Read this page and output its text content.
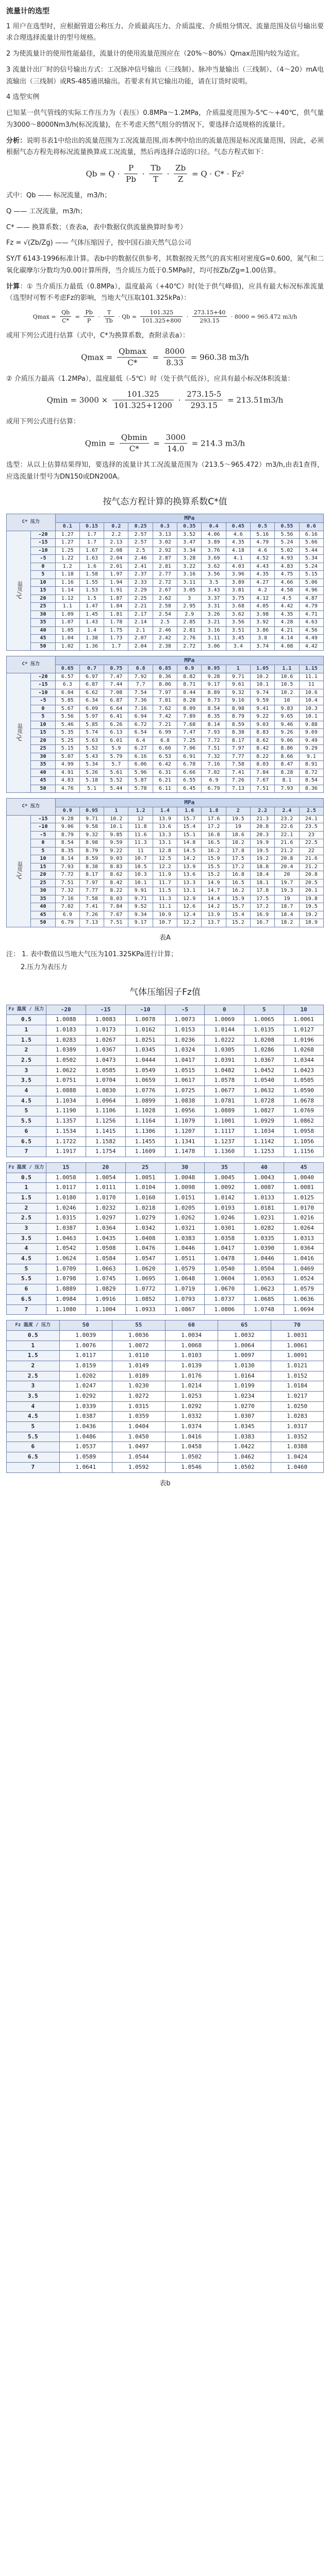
流量计的选型

1 用户在选型时，应根据管道公称压力、介质最高压力、介质温度、介质组分情况、流量范围及信号输出要求合理选择流量计的型号规格。

2 为使流量计的使用性能最佳，流量计的使用流量范围应在（20%～80%）Qmax范围内较为适宜。

3 流量计出厂时的信号输出方式：工况脉冲信号输出（三线制）、脉冲当量输出（三线制）、（4～20）mA电流输出（三线制）或RS-485通讯输出。若要求有其它输出功能，请在订货时说明。

4 选型实例

已知某一供气管线的实际工作压力为（表压）0.8MPa～1.2MPa，介质温度范围为-5℃～+40℃，供气量为3000～8000Nm3/h(标况流量)，在不考虑天然气组分的情况下，要选择合适规格的流量计。

分析：说明书表1中给出的流量范围为工况流量范围,而本例中给出的流量范围是标况流量范围，因此，必须根据气态方程先将标况流量换算成工况流量，然后再选择合适的口径。气态方程式如下：

$Qb = Q \cdot \frac{P}{Pb} \cdot \frac{Tb}{T} \cdot \frac{Zb}{Z} = Q \cdot C* \cdot Fz^2$

式中：Qb —— 标况流量，m3/h；

Q —— 工况流量，m3/h；

C* —— 换算系数；（查表a，表中数据仅供流量换算时参考）

Fz = √(Zb/Zg) —— 气体压缩因子，按中国石油天然气总公司

SY/T 6143-1996标准计算。表b中的数据仅供参考，其数据按天然气的真实相对密度G=0.600，氮气和二氧化碳摩尔分数均为0.00计算所得，当介质压力低于0.5MPa时，均可按Zb/Zg=1.00估算。

计算：① 当介质压力最低（0.8MPa），温度最高（+40℃）时(处于供气峰值)，应具有最大标况标准流量（选型时可暂不考虑Fz的影响，当地大气压取101.325kPa）：

$Qmax = \frac{Qb}{C*} = \frac{Pb}{P} \cdot \frac{T}{Tb} \cdot Qb = \frac{101.325}{101.325+800} \cdot \frac{273.15+40}{293.15} \cdot 8000 = 965.472$ m3/h

或用下列公式进行估算（式中，C*为换算系数，查附录表a）：

$Qmax = \frac{Qbmax}{C*} = \frac{8000}{8.33} = 960.38$ m3/h

② 介质压力最高（1.2MPa），温度最低（-5℃）时（处于供气低谷），应具有最小标况体积流量：

$Qmin = 3000 \times \frac{101.325}{101.325+1200} \cdot \frac{273.15-5}{293.15} = 213.51m3/h$

或用下列公式进行估算：

$Qmin = \frac{Qbmin}{C*} = \frac{3000}{14.0} = 214.3$ m3/h

选型：从以上估算结果得知，要选择的流量计其工况流量范围为（213.5～965.472）m3/h,由表1查得，应选流量计型号为DN150或DN200A。

按气态方程计算的换算系数C*值
C* 压力		MPa										
		0.1	0.15	0.2	0.25	0.3	0.35	0.4	0.45	0.5	0.55	0.6
温度/℃	-20	1.27	1.7	2.2	2.57	3.13	3.52	4.06	4.6	5.16	5.56	6.16
	-15	1.27	1.7	2.13	2.57	3.02	3.47	3.89	4.35	4.79	5.24	5.66
	-10	1.25	1.67	2.08	2.5	2.92	3.34	3.76	4.18	4.6	5.02	5.44
	-5	1.22	1.63	2.04	2.46	2.87	3.28	3.69	4.1	4.52	4.93	5.34
	0	1.2	1.6	2.01	2.41	2.81	3.22	3.62	4.03	4.43	4.83	5.24
	5	1.18	1.58	1.97	2.37	2.77	3.16	3.56	3.96	4.35	4.75	5.15
	10	1.16	1.55	1.94	2.33	2.72	3.11	3.5	3.89	4.27	4.66	5.06
	15	1.14	1.53	1.91	2.29	2.67	3.05	3.43	3.81	4.2	4.58	4.96
	20	1.12	1.5	1.87	2.25	2.62	3	3.37	3.75	4.12	4.5	4.87
	25	1.1	1.47	1.84	2.21	2.58	2.95	3.31	3.68	4.05	4.42	4.79
	30	1.09	1.45	1.81	2.17	2.54	2.9	3.26	3.62	3.98	4.35	4.71
	35	1.07	1.43	1.78	2.14	2.5	2.85	3.21	3.56	3.92	4.28	4.63
	40	1.05	1.4	1.75	2.1	2.46	2.81	3.16	3.51	3.86	4.21	4.56
	45	1.04	1.38	1.73	2.07	2.42	2.76	3.11	3.45	3.8	4.14	4.49
	50	1.02	1.36	1.7	2.04	2.38	2.72	3.06	3.4	3.74	4.08	4.42
C* 压力		MPa										
		0.65	0.7	0.75	0.8	0.85	0.9	0.95	1	1.05	1.1	1.15
温度/℃	-20	6.57	6.97	7.47	7.92	8.36	8.82	9.28	9.71	10.2	10.6	11.1
	-15	6.3	6.87	7.44	7.7	8.06	8.71	9.17	9.61	10.1	10.5	11
	-10	6.04	6.62	7.08	7.54	7.97	8.44	8.89	9.32	9.74	10.2	10.6
	-5	5.85	6.34	6.87	7.36	7.81	8.28	8.73	9.16	9.59	10	10.4
	0	5.67	6.09	6.64	7.16	7.62	8.09	8.54	8.98	9.41	9.83	10.3
	5	5.56	5.97	6.41	6.94	7.42	7.89	8.35	8.79	9.22	9.65	10.1
	10	5.46	5.85	6.26	6.72	7.21	7.68	8.14	8.59	9.03	9.46	9.88
	15	5.35	5.74	6.13	6.54	6.99	7.47	7.93	8.38	8.83	9.26	9.69
	20	5.25	5.63	6.01	6.4	6.8	7.25	7.72	8.17	8.62	9.06	9.49
	25	5.15	5.52	5.9	6.27	6.66	7.06	7.51	7.97	8.42	8.86	9.29
	30	5.07	5.43	5.79	6.16	6.53	6.91	7.32	7.77	8.22	8.66	9.1
	35	4.99	5.34	5.7	6.06	6.42	6.78	7.16	7.58	8.03	8.47	8.91
	40	4.91	5.26	5.61	5.96	6.31	6.66	7.02	7.41	7.84	8.28	8.72
	45	4.83	5.18	5.52	5.87	6.21	6.55	6.9	7.26	7.67	8.1	8.54
	50	4.76	5.1	5.44	5.78	6.11	6.45	6.79	7.13	7.51	7.93	8.36
C* 压力		MPa										
		0.9	0.95	1	1.2	1.4	1.6	1.8	2	2.2	2.4	2.5
温度/℃	-15	9.28	9.71	10.2	12	13.9	15.7	17.6	19.5	21.3	23.2	24.1
	-10	9.06	9.58	10.1	11.8	13.6	15.4	17.2	19	20.8	22.6	23.5
	-5	8.79	9.32	9.85	11.6	13.3	15.1	16.8	18.6	20.3	22.1	23
	0	8.54	8.98	9.59	11.3	13.1	14.8	16.5	18.2	19.9	21.6	22.5
	5	8.35	8.79	9.22	11	12.8	14.5	16.2	17.8	19.5	21.2	22
	10	8.14	8.59	9.03	10.7	12.5	14.2	15.9	17.5	19.2	20.8	21.6
	15	7.93	8.38	8.83	10.5	12.2	13.9	15.5	17.2	18.8	20.4	21.2
	20	7.72	8.17	8.62	10.3	11.9	13.6	15.2	16.8	18.4	20	20.8
	25	7.51	7.97	8.42	10.1	11.7	13.3	14.9	16.5	18.1	19.7	20.5
	30	7.32	7.77	8.22	9.91	11.5	13.1	14.7	16.2	17.8	19.3	20.1
	35	7.16	7.58	8.03	9.71	11.3	12.9	14.4	15.9	17.5	19	19.8
	40	7.02	7.41	7.84	9.52	11.1	12.6	14.2	15.7	17.2	18.7	19.5
	45	6.9	7.26	7.67	9.34	10.9	12.4	13.9	15.4	16.9	18.4	19.2
	50	6.79	7.13	7.51	9.17	10.7	12.2	13.7	15.2	16.7	18.2	18.9
表A

注： 1. 表中数值以当地大气压为101.325KPa进行计算；

2.压力为表压力

气体压缩因子Fz值
Fz 温度 / 压力	-20	-15	-10	-5	0	5	10
0.5	1.0088	1.0083	1.0078	1.0073	1.0069	1.0065	1.0061
1	1.0183	1.0173	1.0162	1.0153	1.0144	1.0135	1.0127
1.5	1.0283	1.0267	1.0251	1.0236	1.0222	1.0208	1.0196
2	1.0389	1.0367	1.0345	1.0324	1.0305	1.0286	1.0268
2.5	1.0502	1.0473	1.0444	1.0417	1.0391	1.0367	1.0344
3	1.0622	1.0585	1.0549	1.0515	1.0482	1.0452	1.0423
3.5	1.0751	1.0704	1.0659	1.0617	1.0578	1.0540	1.0505
4	1.0888	1.0830	1.0776	1.0725	1.0677	1.0632	1.0590
4.5	1.1034	1.0964	1.0899	1.0838	1.0781	1.0728	1.0678
5	1.1190	1.1106	1.1028	1.0956	1.0889	1.0827	1.0769
5.5	1.1357	1.1256	1.1164	1.1079	1.1001	1.0929	1.0862
6	1.1534	1.1415	1.1306	1.1207	1.1117	1.1034	1.0958
6.5	1.1722	1.1582	1.1455	1.1341	1.1237	1.1142	1.1056
7	1.1917	1.1754	1.1609	1.1478	1.1360	1.1253	1.1156
Fz 温度 / 压力	15	20	25	30	35	40	45
0.5	1.0058	1.0054	1.0051	1.0048	1.0045	1.0043	1.0040
1	1.0117	1.0111	1.0104	1.0098	1.0092	1.0087	1.0081
1.5	1.0180	1.0170	1.0160	1.0151	1.0142	1.0133	1.0125
2	1.0246	1.0232	1.0218	1.0205	1.0193	1.0181	1.0170
2.5	1.0315	1.0297	1.0279	1.0262	1.0246	1.0231	1.0216
3	1.0387	1.0364	1.0342	1.0321	1.0301	1.0282	1.0264
3.5	1.0463	1.0435	1.0408	1.0383	1.0358	1.0335	1.0313
4	1.0542	1.0508	1.0476	1.0446	1.0417	1.0390	1.0364
4.5	1.0624	1.0584	1.0547	1.0511	1.0478	1.0446	1.0416
5	1.0709	1.0663	1.0620	1.0579	1.0540	1.0504	1.0469
5.5	1.0798	1.0745	1.0695	1.0648	1.0604	1.0563	1.0524
6	1.0889	1.0829	1.0772	1.0719	1.0670	1.0623	1.0579
6.5	1.0984	1.0916	1.0852	1.0793	1.0737	1.0685	1.0636
7	1.1080	1.1004	1.0933	1.0867	1.0806	1.0748	1.0694
Fz 温度 / 压力	50	55	60	65	70
0.5	1.0039	1.0036	1.0034	1.0032	1.0031
1	1.0076	1.0072	1.0068	1.0064	1.0061
1.5	1.0117	1.0110	1.0103	1.0097	1.0091
2	1.0159	1.0149	1.0139	1.0130	1.0121
2.5	1.0202	1.0189	1.0176	1.0164	1.0152
3	1.0247	1.0230	1.0214	1.0199	1.0184
3.5	1.0292	1.0272	1.0253	1.0234	1.0217
4	1.0339	1.0315	1.0292	1.0270	1.0250
4.5	1.0387	1.0359	1.0332	1.0307	1.0283
5	1.0436	1.0404	1.0374	1.0345	1.0317
5.5	1.0486	1.0450	1.0416	1.0383	1.0352
6	1.0537	1.0497	1.0458	1.0422	1.0388
6.5	1.0589	1.0544	1.0502	1.0462	1.0424
7	1.0641	1.0592	1.0546	1.0502	1.0460
表b
